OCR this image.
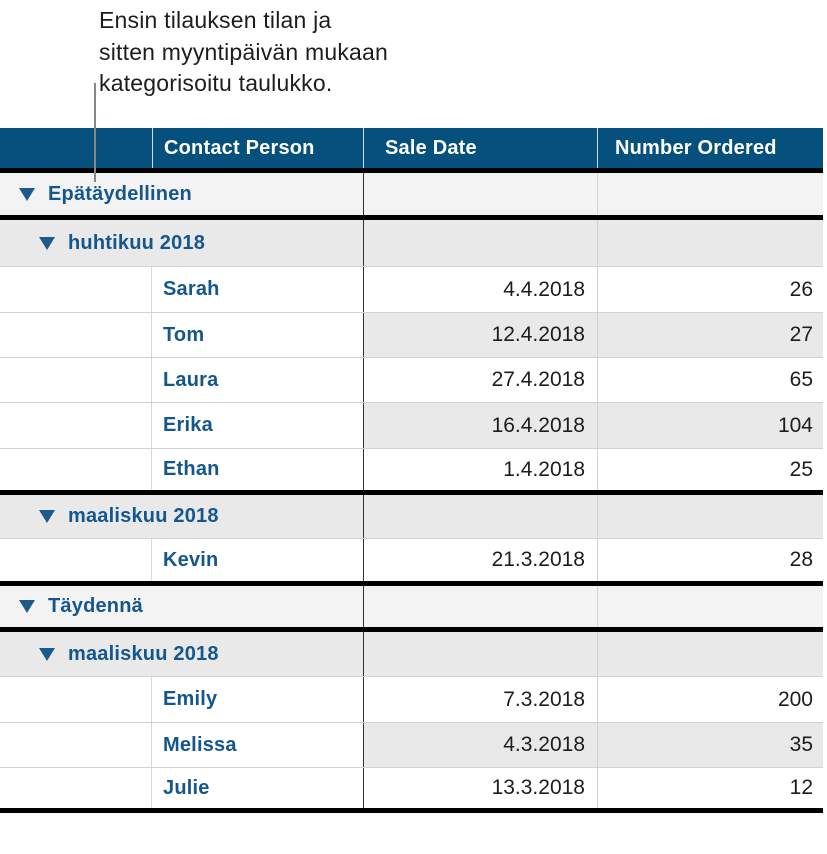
Ensin tilauksen tilan ja
sitten myyntipäivän mukaan
kategorisoitu taulukko.
Contact Person	Sale Date	Number Ordered
Epätäydellinen
huhtikuu 2018
Sarah	4.4.2018	26
Tom	12.4.2018	27
Laura	27.4.2018	65
Erika	16.4.2018	104
Ethan	1.4.2018	25
maaliskuu 2018
Kevin	21.3.2018	28
Täydennä
maaliskuu 2018
Emily	7.3.2018	200
Melissa	4.3.2018	35
Julie	13.3.2018	12
